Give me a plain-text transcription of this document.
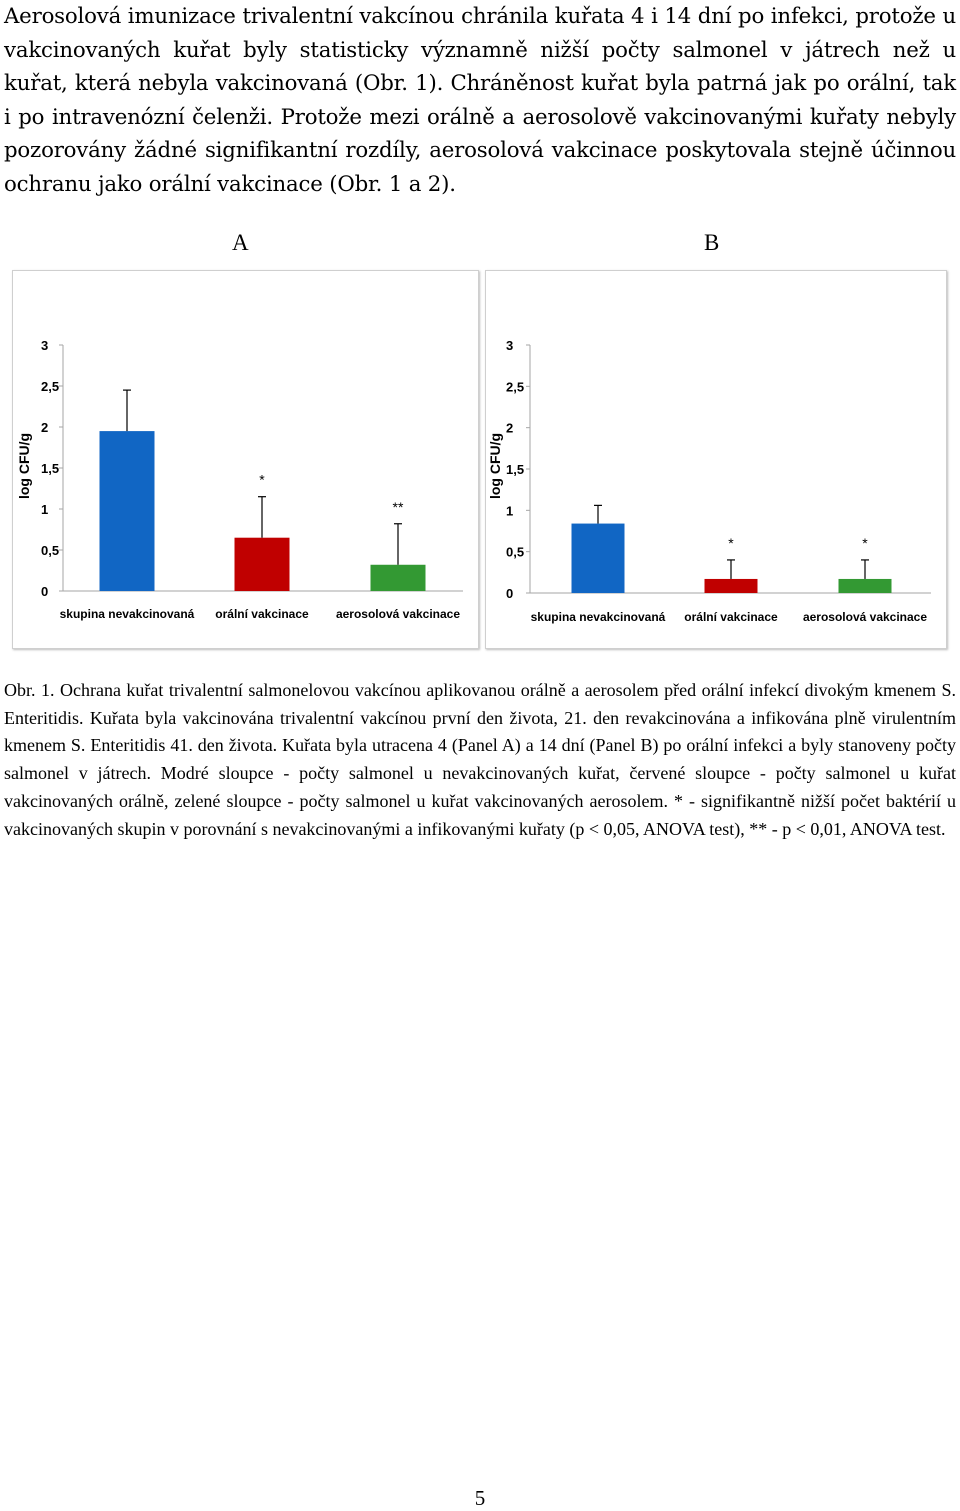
Aerosolová imunizace trivalentní vakcínou chránila kuřata 4 i 14 dní po infekci, protože u vakcinovaných kuřat byly statisticky významně nižší počty salmonel v játrech než u kuřat, která nebyla vakcinovaná (Obr. 1). Chráněnost kuřat byla patrná jak po orální, tak i po intravenózní čelenži. Protože mezi orálně a aerosolově vakcinovanými kuřaty nebyly pozorovány žádné signifikantní rozdíly, aerosolová vakcinace poskytovala stejně účinnou ochranu jako orální vakcinace (Obr. 1 a 2).

A	B
0
0,5
1
1,5
2
2,5
3
log CFU/g
skupina nevakcinovaná
*
orální vakcinace
**
aerosolová vakcinace
0
0,5
1
1,5
2
2,5
3
log CFU/g
skupina nevakcinovaná
*
orální vakcinace
*
aerosolová vakcinace

Obr. 1. Ochrana kuřat trivalentní salmonelovou vakcínou aplikovanou orálně a aerosolem před orální infekcí divokým kmenem S. Enteritidis. Kuřata byla vakcinována trivalentní vakcínou první den života, 21. den revakcinována a infikována plně virulentním kmenem S. Enteritidis 41. den života. Kuřata byla utracena 4 (Panel A) a 14 dní (Panel B) po orální infekci a byly stanoveny počty salmonel v játrech. Modré sloupce - počty salmonel u nevakcinovaných kuřat, červené sloupce - počty salmonel u kuřat vakcinovaných orálně, zelené sloupce - počty salmonel u kuřat vakcinovaných aerosolem. * - signifikantně nižší počet baktérií u vakcinovaných skupin v porovnání s nevakcinovanými a infikovanými kuřaty (p < 0,05, ANOVA test), ** - p < 0,01, ANOVA test.

5
